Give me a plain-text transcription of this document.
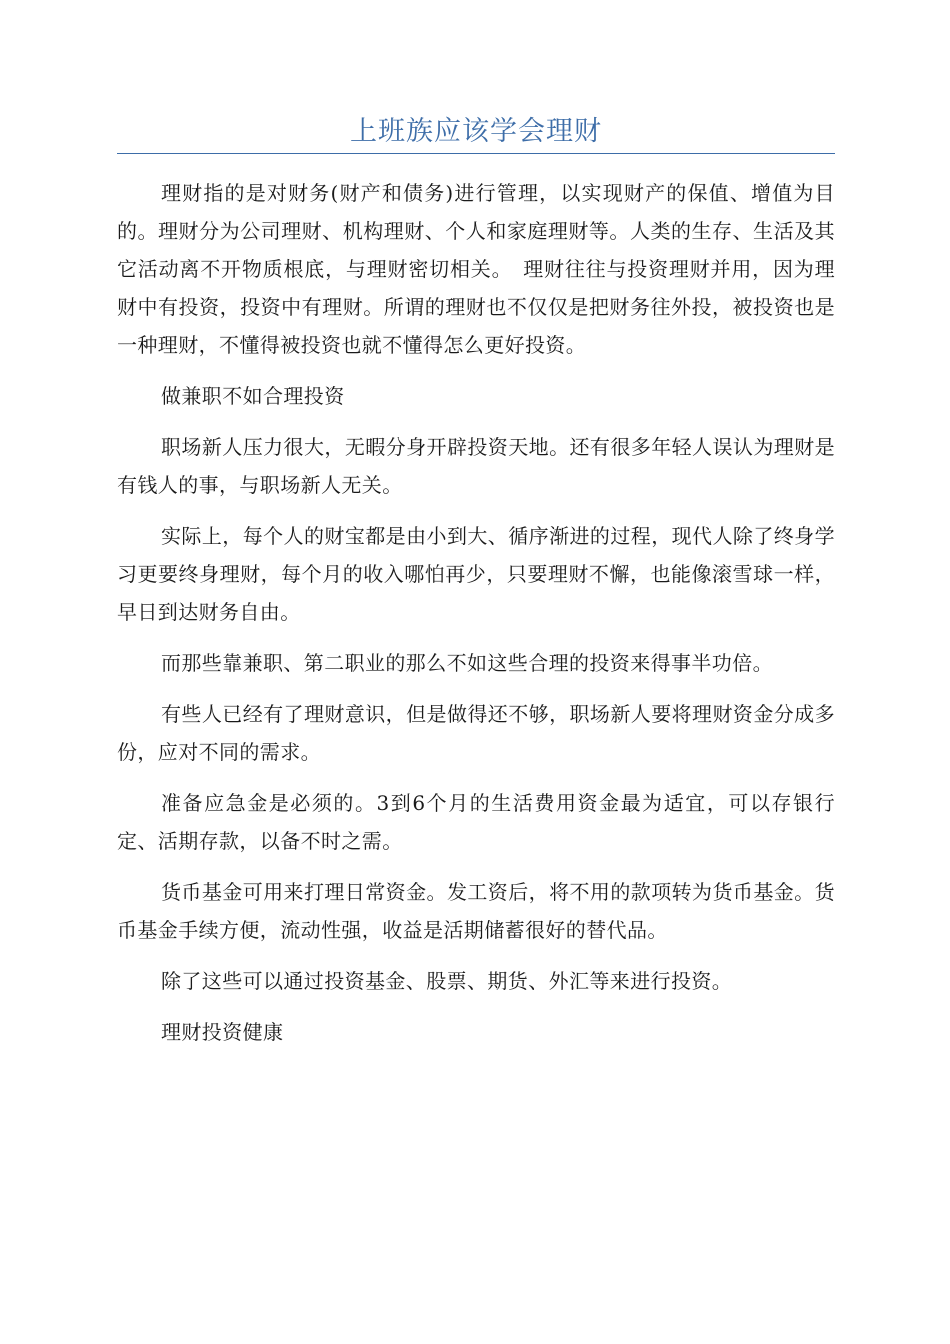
上班族应该学会理财

理财指的是对财务(财产和债务)进行管理，以实现财产的保值、增值为目的。理财分为公司理财、机构理财、个人和家庭理财等。人类的生存、生活及其它活动离不开物质根底，与理财密切相关。　理财往往与投资理财并用，因为理财中有投资，投资中有理财。所谓的理财也不仅仅是把财务往外投，被投资也是一种理财，不懂得被投资也就不懂得怎么更好投资。

做兼职不如合理投资

职场新人压力很大，无暇分身开辟投资天地。还有很多年轻人误认为理财是有钱人的事，与职场新人无关。

实际上，每个人的财宝都是由小到大、循序渐进的过程，现代人除了终身学习更要终身理财，每个月的收入哪怕再少，只要理财不懈，也能像滚雪球一样，早日到达财务自由。

而那些靠兼职、第二职业的那么不如这些合理的投资来得事半功倍。

有些人已经有了理财意识，但是做得还不够，职场新人要将理财资金分成多份，应对不同的需求。

准备应急金是必须的。3到6个月的生活费用资金最为适宜，可以存银行定、活期存款，以备不时之需。

货币基金可用来打理日常资金。发工资后，将不用的款项转为货币基金。货币基金手续方便，流动性强，收益是活期储蓄很好的替代品。

除了这些可以通过投资基金、股票、期货、外汇等来进行投资。

理财投资健康
